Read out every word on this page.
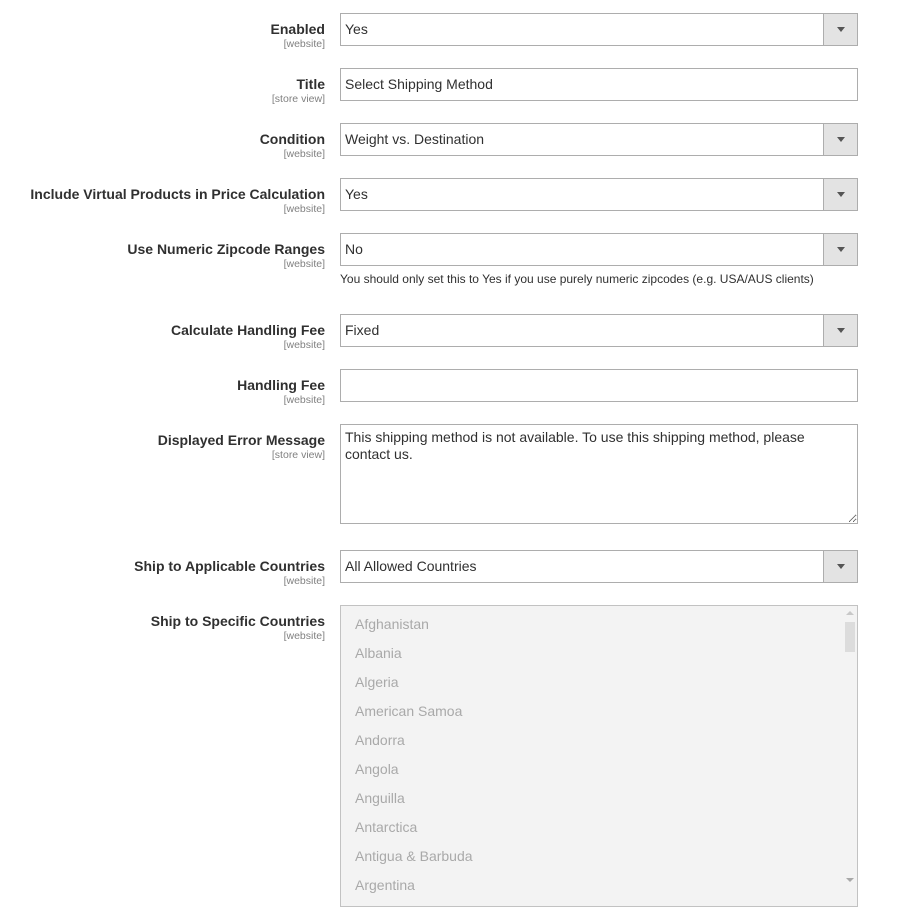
Enabled
[website]
Yes
Title
[store view]
Select Shipping Method
Condition
[website]
Weight vs. Destination
Include Virtual Products in Price Calculation
[website]
Yes
Use Numeric Zipcode Ranges
[website]
No
You should only set this to Yes if you use purely numeric zipcodes (e.g. USA/AUS clients)
Calculate Handling Fee
[website]
Fixed
Handling Fee
[website]
Displayed Error Message
[store view]
This shipping method is not available. To use this shipping method, please contact us.
Ship to Applicable Countries
[website]
All Allowed Countries
Ship to Specific Countries
[website]
Afghanistan
Albania
Algeria
American Samoa
Andorra
Angola
Anguilla
Antarctica
Antigua & Barbuda
Argentina
